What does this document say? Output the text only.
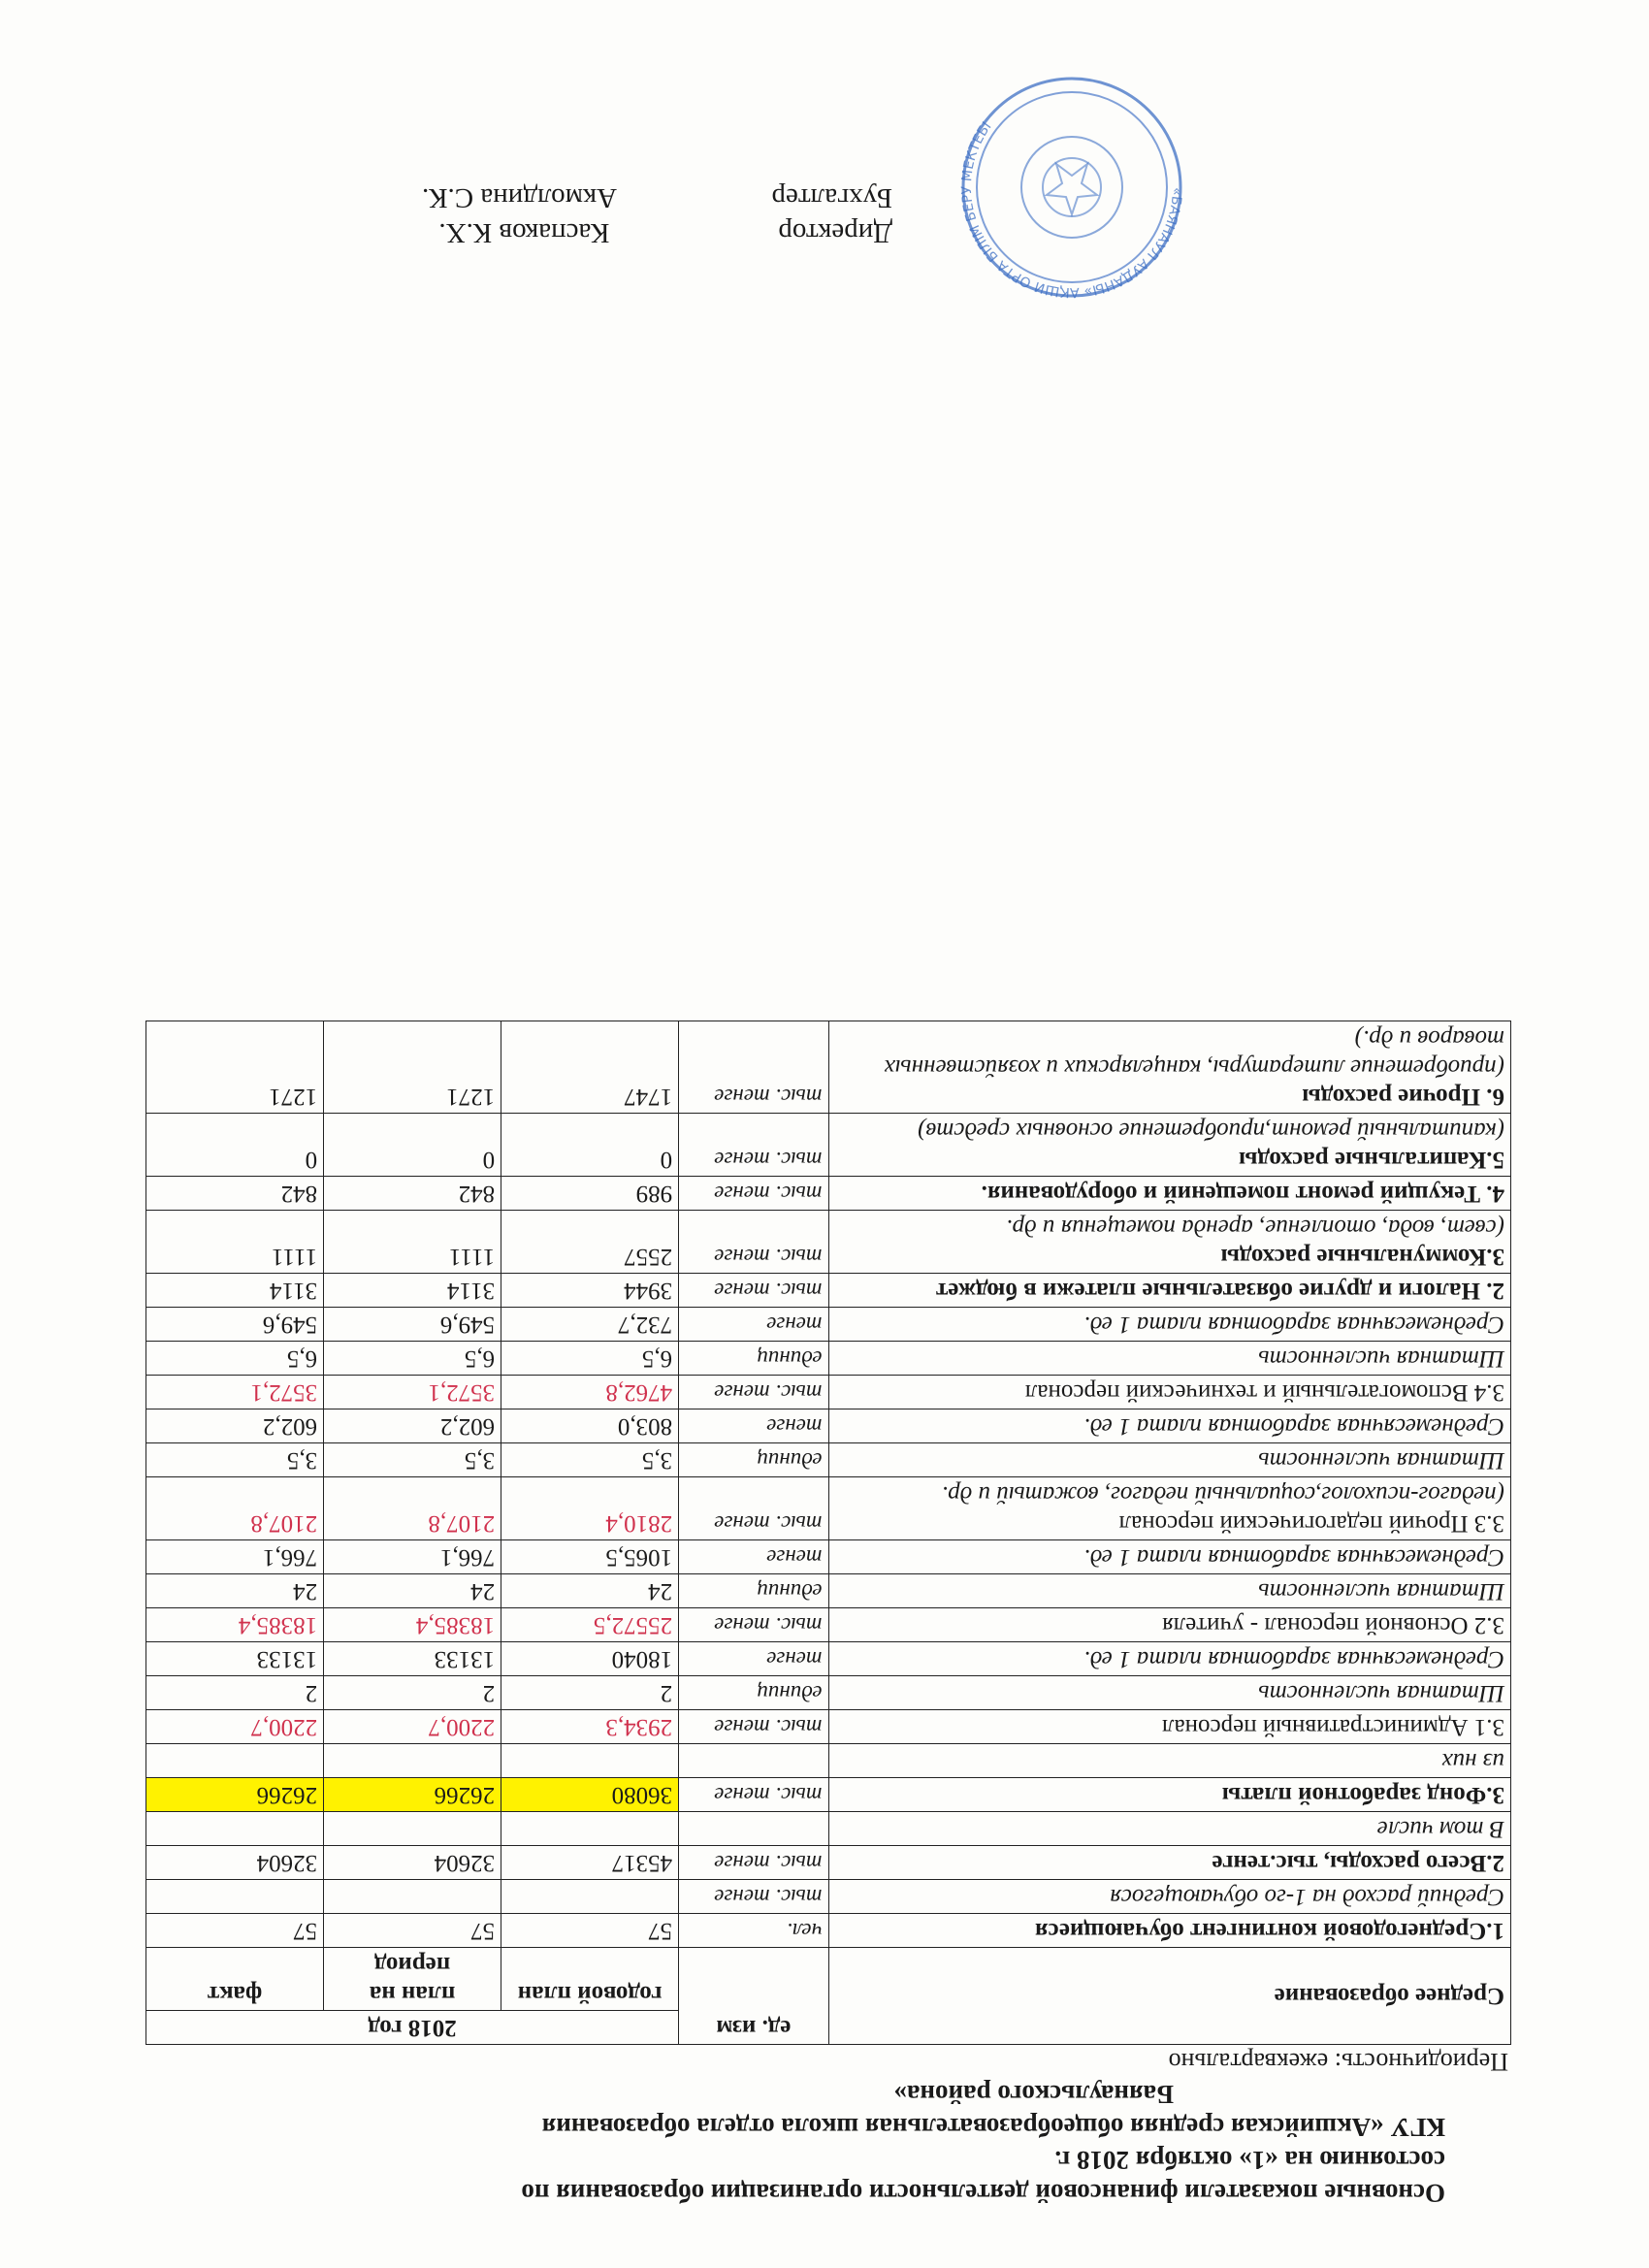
Основные показатели финансовой деятельности организации образования по
состоянию на «1» октября 2018 г.
КГУ «Акшийская средняя общеобразовательная школа отдела образования
Баянаульского района»
Периодичность: ежеквартально
Среднее образование	ед. изм	2018 год		
		годовой план	план на период	факт
1.Среднегодовой контингент обучающиеся	чел.	57	57	57
Средний расход на 1-го обучающегося	тыс. тенге			
2.Всего расходы, тыс.тенге	тыс. тенге	45317	32604	32604
В том числе				
3.Фонд заработной платы	тыс. тенге	36080	26266	26266
из них				
3.1 Административный персонал	тыс. тенге	2934,3	2200,7	2200,7
Штатная численность	единиц	2	2	2
Среднемесячная заработная плата 1 ед.	тенге	18040	13133	13133
3.2 Основной персонал - учителя	тыс. тенге	25572,5	18385,4	18385,4
Штатная численность	единиц	24	24	24
Среднемесячная заработная плата 1 ед.	тенге	1065,5	766,1	766,1
3.3 Прочий педагогический персонал
(педагог-психолог,социальный педагог, вожатый и др.	тыс. тенге	2810,4	2107,8	2107,8
Штатная численность	единиц	3,5	3,5	3,5
Среднемесячная заработная плата 1 ед.	тенге	803,0	602,2	602,2
3.4 Вспомогательный и технический персонал	тыс. тенге	4762,8	3572,1	3572,1
Штатная численность	единиц	6,5	6,5	6,5
Среднемесячная заработная плата 1 ед.	тенге	732,7	549,6	549,6
2. Налоги и другие обязательные платежи в бюджет	тыс. тенге	3944	3114	3114
3.Коммунальные расходы
(свет, вода, отопление, аренда помещения и др.	тыс. тенге	2557	1111	1111
4. Текущий ремонт помещений и оборудования.	тыс. тенге	989	842	842
5.Капитальные расходы
(капитальный ремонт,приобретение основных средств)	тыс. тенге	0	0	0
6. Прочие расходы
(приобретение литературы, канцелярских и хозяйственных товаров и др.)	тыс. тенге	1747	1271	1271
«БАЯНАУЛ АУДАНЫ» АҚШИ ОРТА БІЛІМ БЕРУ МЕКТЕБІ
Директор                        Каспаков К.Х.
Бухгалтер                      Акмолдина С.К.
